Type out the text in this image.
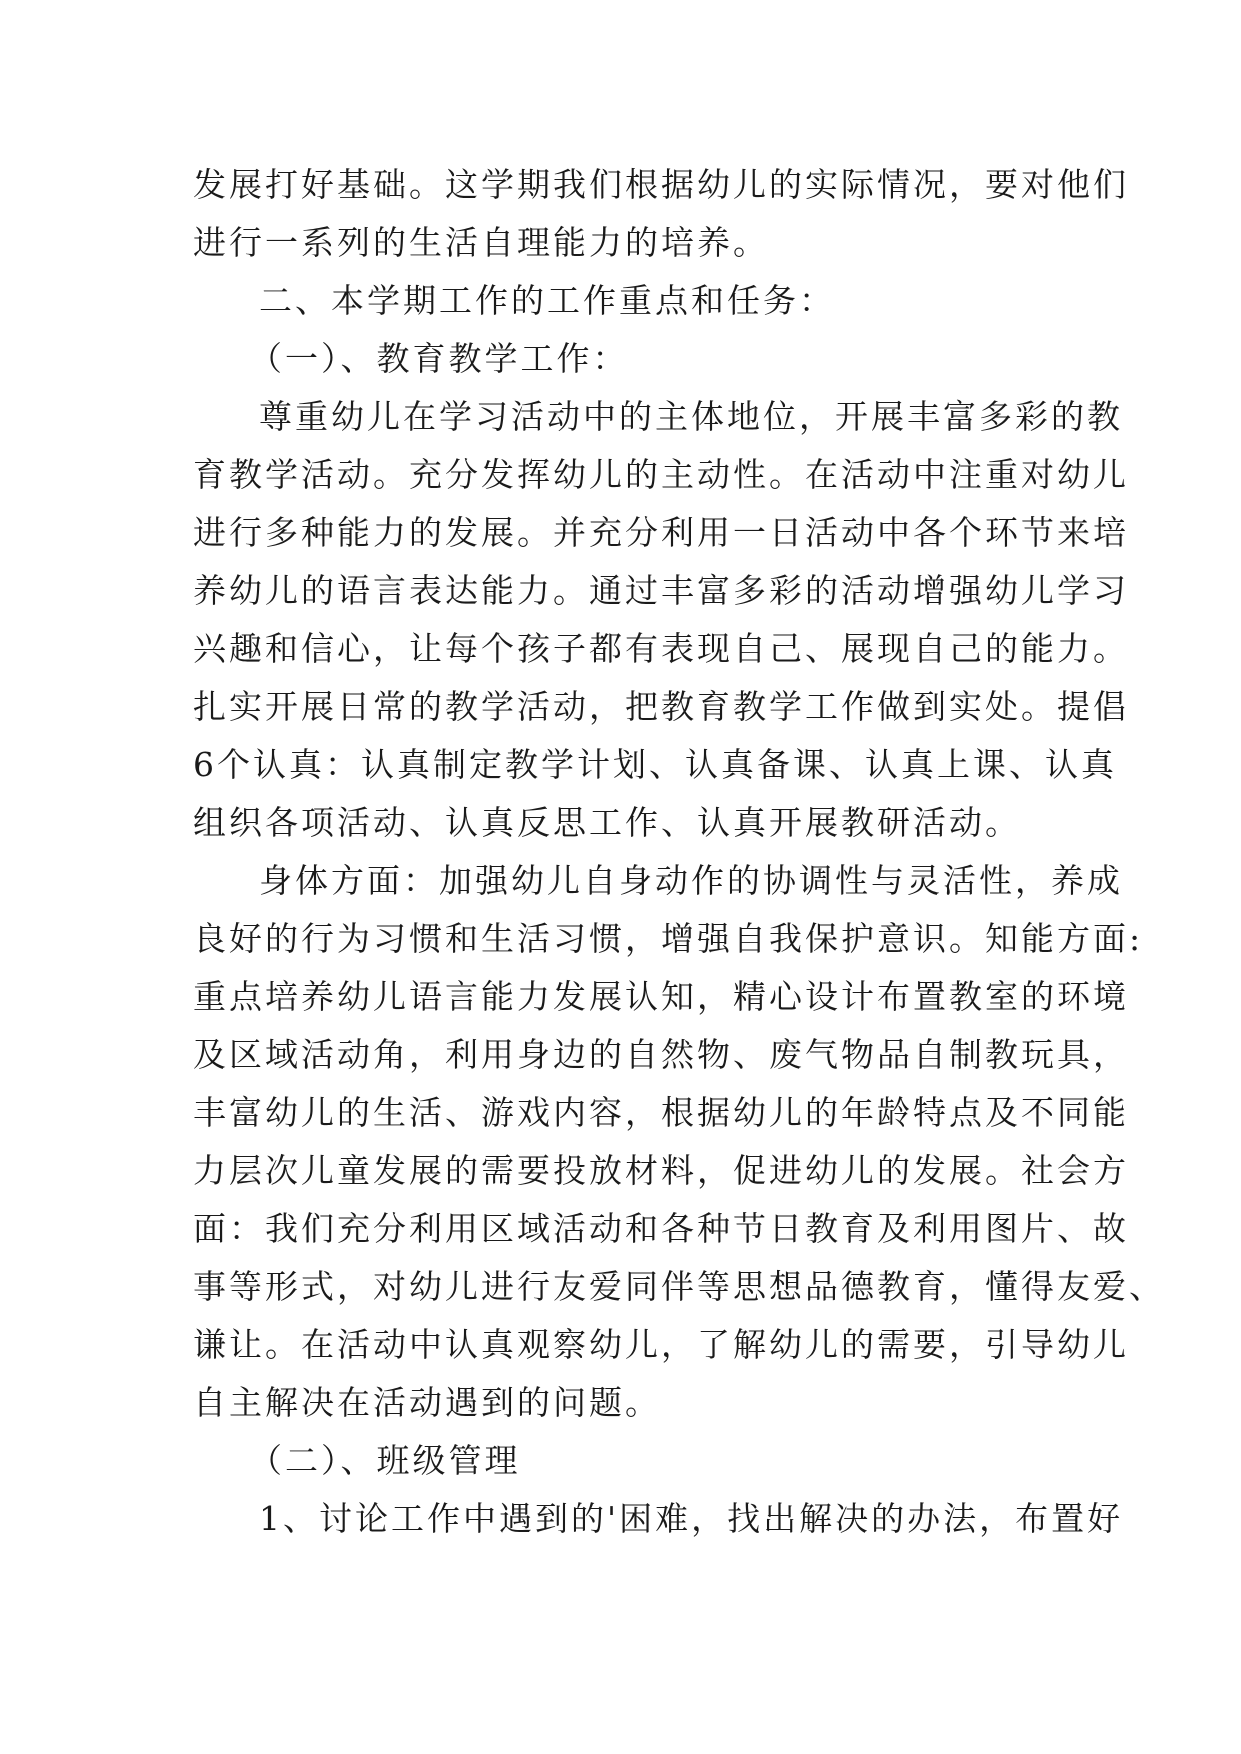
发展打好基础。这学期我们根据幼儿的实际情况，要对他们
进行一系列的生活自理能力的培养。
二、本学期工作的工作重点和任务：
（一）、教育教学工作：
尊重幼儿在学习活动中的主体地位，开展丰富多彩的教
育教学活动。充分发挥幼儿的主动性。在活动中注重对幼儿
进行多种能力的发展。并充分利用一日活动中各个环节来培
养幼儿的语言表达能力。通过丰富多彩的活动增强幼儿学习
兴趣和信心，让每个孩子都有表现自己、展现自己的能力。
扎实开展日常的教学活动，把教育教学工作做到实处。提倡
6个认真：认真制定教学计划、认真备课、认真上课、认真
组织各项活动、认真反思工作、认真开展教研活动。
身体方面：加强幼儿自身动作的协调性与灵活性，养成
良好的行为习惯和生活习惯，增强自我保护意识。知能方面:
重点培养幼儿语言能力发展认知，精心设计布置教室的环境
及区域活动角，利用身边的自然物、废气物品自制教玩具，
丰富幼儿的生活、游戏内容，根据幼儿的年龄特点及不同能
力层次儿童发展的需要投放材料，促进幼儿的发展。社会方
面：我们充分利用区域活动和各种节日教育及利用图片、故
事等形式，对幼儿进行友爱同伴等思想品德教育，懂得友爱、
谦让。在活动中认真观察幼儿，了解幼儿的需要，引导幼儿
自主解决在活动遇到的问题。
（二）、班级管理
1、讨论工作中遇到的'困难，找出解决的办法，布置好
